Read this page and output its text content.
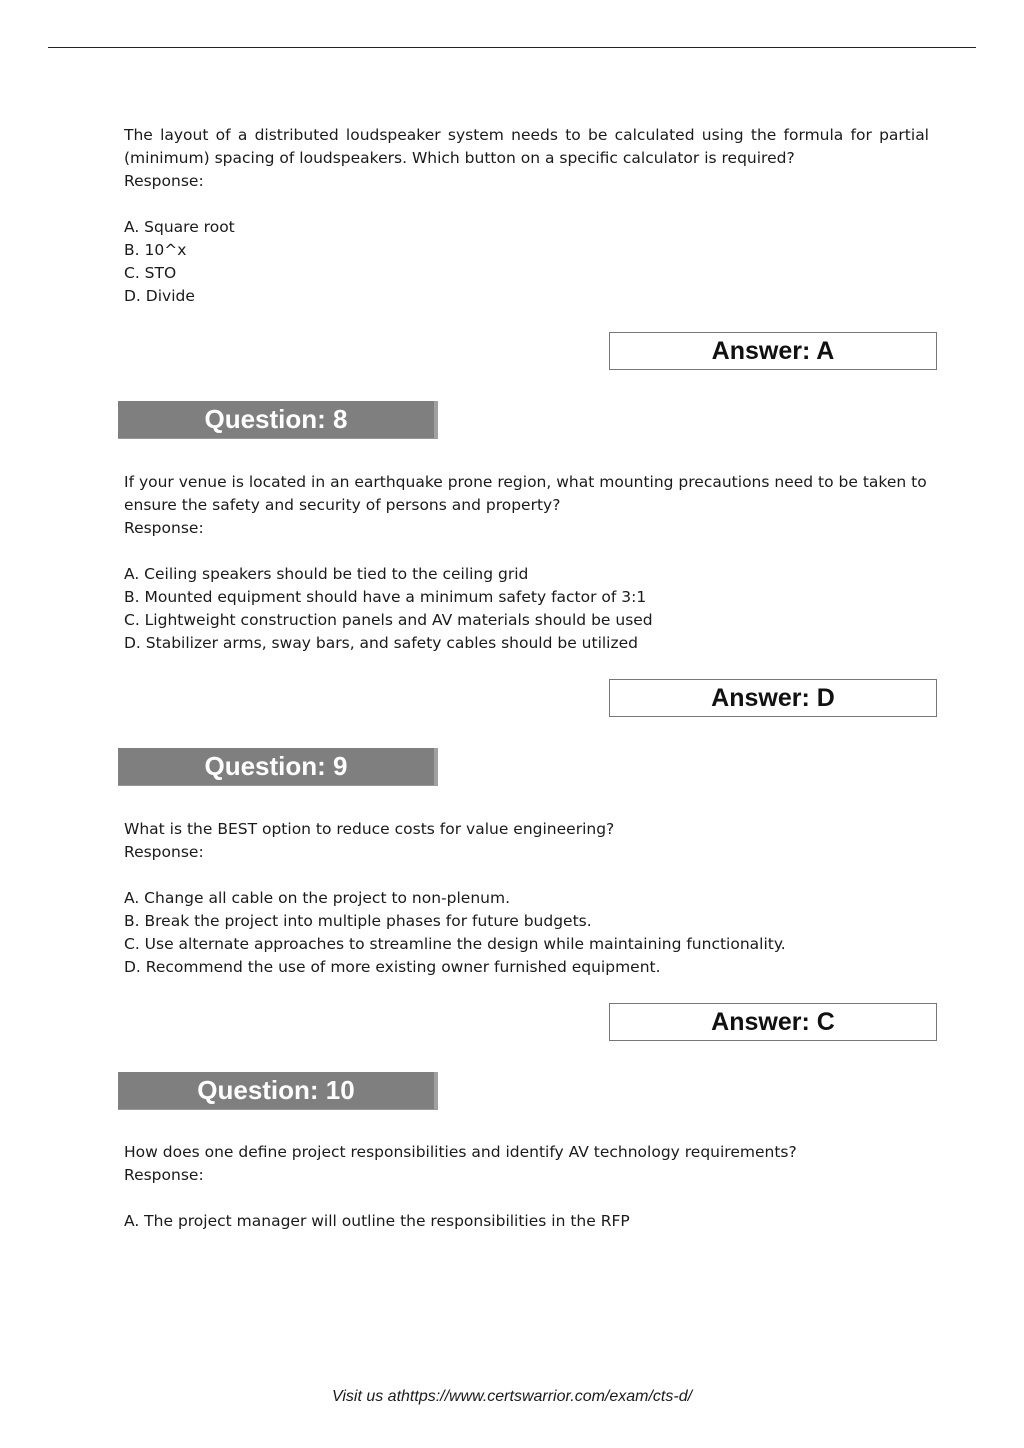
The layout of a distributed loudspeaker system needs to be calculated using the formula for partial (minimum) spacing of loudspeakers. Which button on a specific calculator is required?

Response:

A. Square root

B. 10^x

C. STO

D. Divide

Answer: A
Question: 8

If your venue is located in an earthquake prone region, what mounting precautions need to be taken to ensure the safety and security of persons and property?

Response:

A. Ceiling speakers should be tied to the ceiling grid

B. Mounted equipment should have a minimum safety factor of 3:1

C. Lightweight construction panels and AV materials should be used

D. Stabilizer arms, sway bars, and safety cables should be utilized

Answer: D
Question: 9

What is the BEST option to reduce costs for value engineering?

Response:

A. Change all cable on the project to non-plenum.

B. Break the project into multiple phases for future budgets.

C. Use alternate approaches to streamline the design while maintaining functionality.

D. Recommend the use of more existing owner furnished equipment.

Answer: C
Question: 10

How does one define project responsibilities and identify AV technology requirements?

Response:

A. The project manager will outline the responsibilities in the RFP

Visit us athttps://www.certswarrior.com/exam/cts-d/
